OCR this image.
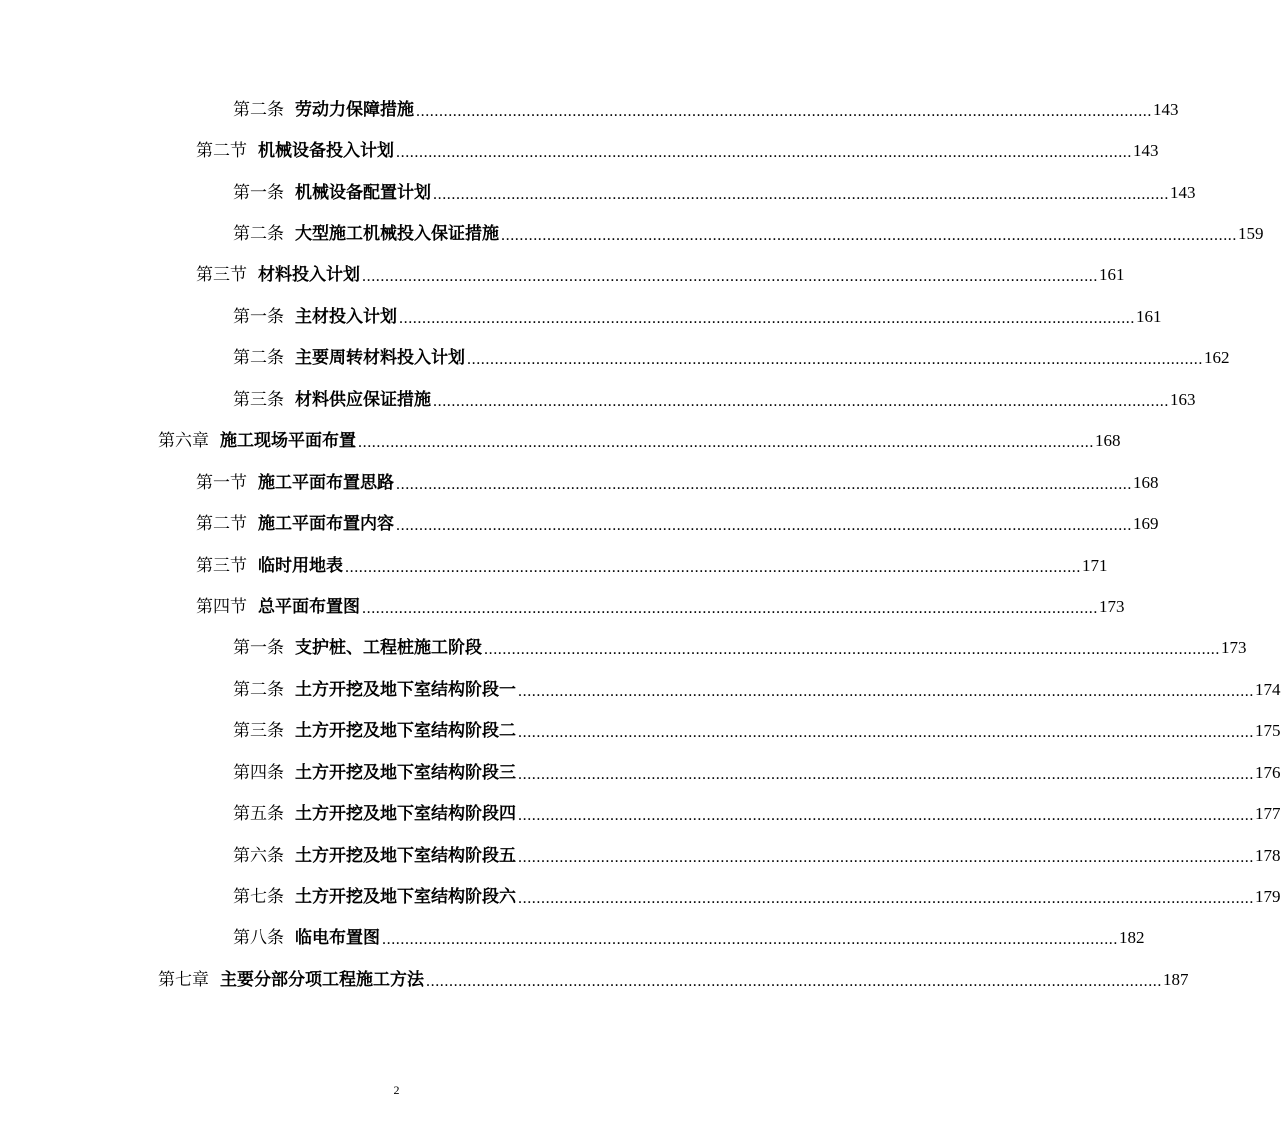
第二条 劳动力保障措施 ................................................................................................................................................................ 143
第二节 机械设备投入计划 ................................................................................................................................................................ 143
第一条 机械设备配置计划 ................................................................................................................................................................ 143
第二条 大型施工机械投入保证措施 ................................................................................................................................................................ 159
第三节 材料投入计划 ................................................................................................................................................................ 161
第一条 主材投入计划 ................................................................................................................................................................ 161
第二条 主要周转材料投入计划 ................................................................................................................................................................ 162
第三条 材料供应保证措施 ................................................................................................................................................................ 163
第六章 施工现场平面布置 ................................................................................................................................................................ 168
第一节 施工平面布置思路 ................................................................................................................................................................ 168
第二节 施工平面布置内容 ................................................................................................................................................................ 169
第三节 临时用地表 ................................................................................................................................................................ 171
第四节 总平面布置图 ................................................................................................................................................................ 173
第一条 支护桩、工程桩施工阶段 ................................................................................................................................................................ 173
第二条 土方开挖及地下室结构阶段一 ................................................................................................................................................................ 174
第三条 土方开挖及地下室结构阶段二 ................................................................................................................................................................ 175
第四条 土方开挖及地下室结构阶段三 ................................................................................................................................................................ 176
第五条 土方开挖及地下室结构阶段四 ................................................................................................................................................................ 177
第六条 土方开挖及地下室结构阶段五 ................................................................................................................................................................ 178
第七条 土方开挖及地下室结构阶段六 ................................................................................................................................................................ 179
第八条 临电布置图 ................................................................................................................................................................ 182
第七章 主要分部分项工程施工方法 ................................................................................................................................................................ 187
2
